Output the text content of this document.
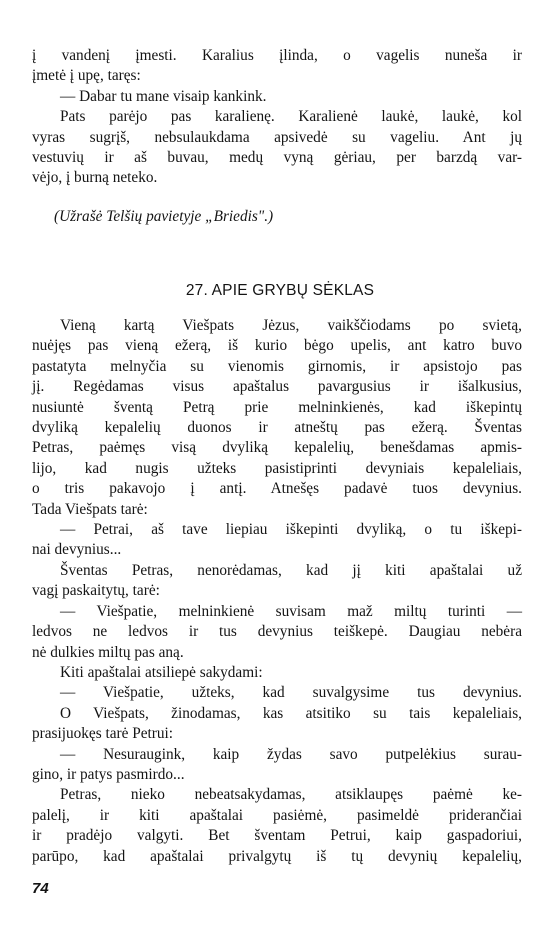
į vandenį įmesti. Karalius įlinda, o vagelis nuneša ir
įmetė į upę, taręs:
— Dabar tu mane visaip kankink.
Pats parėjo pas karalienę. Karalienė laukė, laukė, kol
vyras sugrįš, nebsulaukdama apsivedė su vageliu. Ant jų
vestuvių ir aš buvau, medų vyną gėriau, per barzdą var-
vėjo, į burną neteko.
(Užrašė Telšių pavietyje „Briedis".)
27. APIE GRYBŲ SĖKLAS
Vieną kartą Viešpats Jėzus, vaikščiodams po svietą,
nuėjęs pas vieną ežerą, iš kurio bėgo upelis, ant katro buvo
pastatyta melnyčia su vienomis girnomis, ir apsistojo pas
jį. Regėdamas visus apaštalus pavargusius ir išalkusius,
nusiuntė šventą Petrą prie melninkienės, kad iškepintų
dvyliką kepalelių duonos ir atneštų pas ežerą. Šventas
Petras, paėmęs visą dvyliką kepalelių, benešdamas apmis-
lijo, kad nugis užteks pasistiprinti devyniais kepaleliais,
o tris pakavojo į antį. Atnešęs padavė tuos devynius.
Tada Viešpats tarė:
— Petrai, aš tave liepiau iškepinti dvyliką, o tu iškepi-
nai devynius...
Šventas Petras, nenorėdamas, kad jį kiti apaštalai už
vagį paskaitytų, tarė:
— Viešpatie, melninkienė suvisam maž miltų turinti —
ledvos ne ledvos ir tus devynius teiškepė. Daugiau nebėra
nė dulkies miltų pas aną.
Kiti apaštalai atsiliepė sakydami:
— Viešpatie, užteks, kad suvalgysime tus devynius.
O Viešpats, žinodamas, kas atsitiko su tais kepaleliais,
prasijuokęs tarė Petrui:
— Nesuraugink, kaip žydas savo putpelėkius surau-
gino, ir patys pasmirdo...
Petras, nieko nebeatsakydamas, atsiklaupęs paėmė ke-
palelį, ir kiti apaštalai pasiėmė, pasimeldė priderančiai
ir pradėjo valgyti. Bet šventam Petrui, kaip gaspadoriui,
parūpo, kad apaštalai privalgytų iš tų devynių kepalelių,
74
